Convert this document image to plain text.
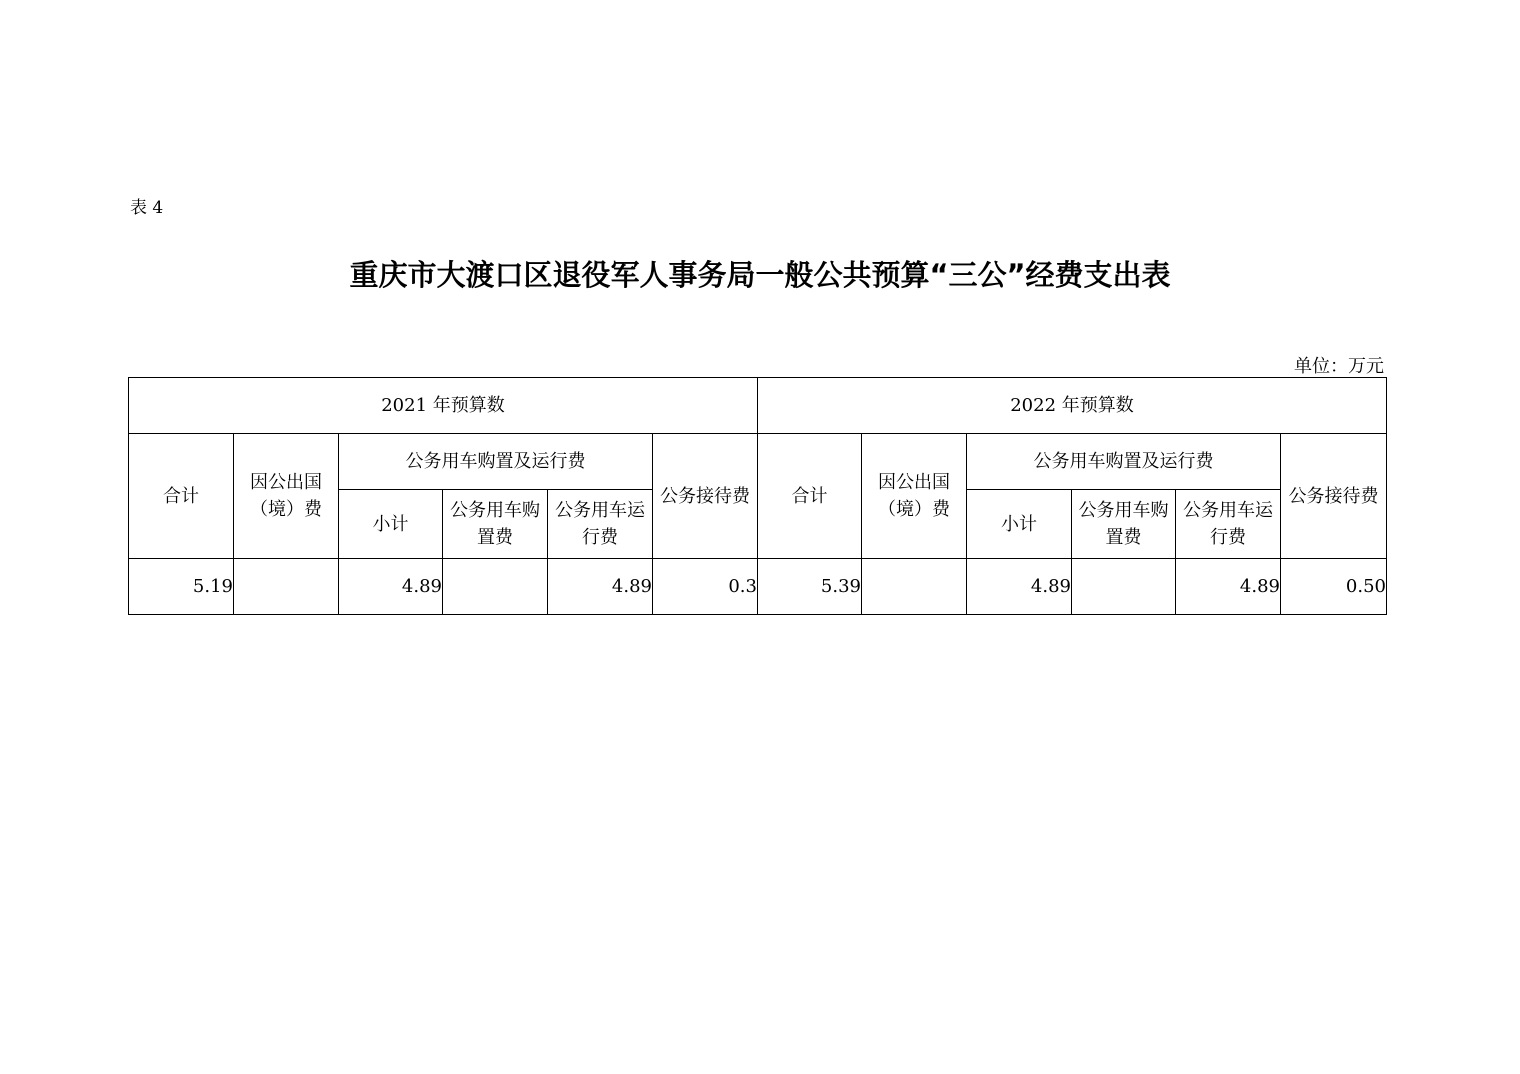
表 4
重庆市大渡口区退役军人事务局一般公共预算“三公”经费支出表
单位：万元
2021 年预算数						2022 年预算数					
合计	因公出国（境）费	公务用车购置及运行费			公务接待费	合计	因公出国（境）费	公务用车购置及运行费			公务接待费
		小计	公务用车购置费	公务用车运行费				小计	公务用车购置费	公务用车运行费	
5.19		4.89		4.89	0.3	5.39		4.89		4.89	0.50
